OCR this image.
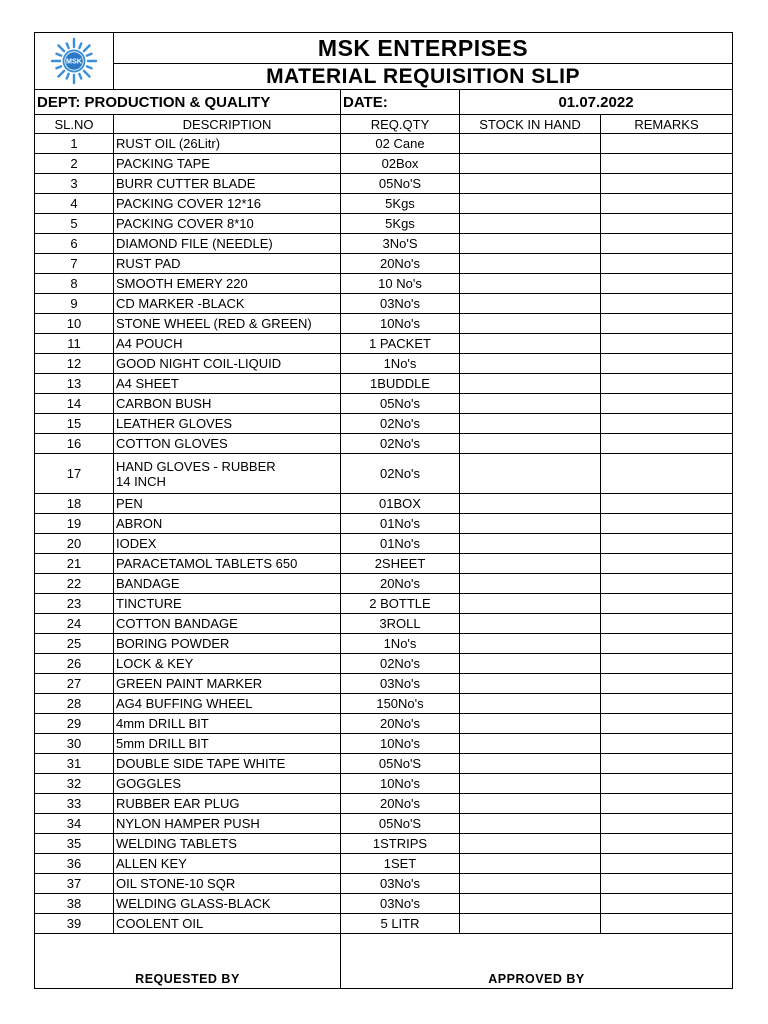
MSK	MSK ENTERPISES			
	MATERIAL REQUISITION SLIP			
DEPT: PRODUCTION & QUALITY		DATE:	01.07.2022	
SL.NO	DESCRIPTION	REQ.QTY	STOCK IN HAND	REMARKS
1	RUST OIL (26Litr)	02 Cane		
2	PACKING TAPE	02Box		
3	BURR CUTTER BLADE	05No'S		
4	PACKING COVER 12*16	5Kgs		
5	PACKING COVER 8*10	5Kgs		
6	DIAMOND FILE (NEEDLE)	3No'S		
7	RUST PAD	20No's		
8	SMOOTH EMERY 220	10 No's		
9	CD MARKER -BLACK	03No's		
10	STONE WHEEL (RED & GREEN)	10No's		
11	A4 POUCH	1 PACKET		
12	GOOD NIGHT COIL-LIQUID	1No's		
13	A4 SHEET	1BUDDLE		
14	CARBON BUSH	05No's		
15	LEATHER GLOVES	02No's		
16	COTTON GLOVES	02No's		
17	HAND GLOVES - RUBBER
14 INCH	02No's		
18	PEN	01BOX		
19	ABRON	01No's		
20	IODEX	01No's		
21	PARACETAMOL TABLETS 650	2SHEET		
22	BANDAGE	20No's		
23	TINCTURE	2 BOTTLE		
24	COTTON BANDAGE	3ROLL		
25	BORING POWDER	1No's		
26	LOCK & KEY	02No's		
27	GREEN PAINT MARKER	03No's		
28	AG4 BUFFING WHEEL	150No's		
29	4mm DRILL BIT	20No's		
30	5mm DRILL BIT	10No's		
31	DOUBLE SIDE TAPE WHITE	05No'S		
32	GOGGLES	10No's		
33	RUBBER EAR PLUG	20No's		
34	NYLON HAMPER PUSH	05No'S		
35	WELDING TABLETS	1STRIPS		
36	ALLEN KEY	1SET		
37	OIL STONE-10 SQR	03No's		
38	WELDING GLASS-BLACK	03No's		
39	COOLENT OIL	5 LITR		
REQUESTED BY		APPROVED BY		
